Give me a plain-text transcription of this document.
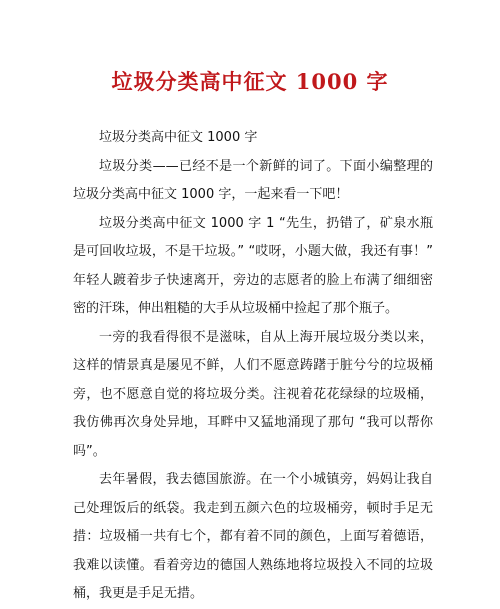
垃圾分类高中征文 1000 字

垃圾分类高中征文 1000 字

垃圾分类——已经不是一个新鲜的词了。下面小编整理的垃圾分类高中征文 1000 字，一起来看一下吧！

垃圾分类高中征文 1000 字 1 “先生，扔错了，矿泉水瓶是可回收垃圾，不是干垃圾。” “哎呀，小题大做，我还有事！” 年轻人踱着步子快速离开，旁边的志愿者的脸上布满了细细密密的汗珠，伸出粗糙的大手从垃圾桶中捡起了那个瓶子。

一旁的我看得很不是滋味，自从上海开展垃圾分类以来，这样的情景真是屡见不鲜，人们不愿意踌躇于脏兮兮的垃圾桶旁，也不愿意自觉的将垃圾分类。注视着花花绿绿的垃圾桶，我仿佛再次身处异地，耳畔中又猛地涌现了那句 “我可以帮你吗”。

去年暑假，我去德国旅游。在一个小城镇旁，妈妈让我自己处理饭后的纸袋。我走到五颜六色的垃圾桶旁，顿时手足无措：垃圾桶一共有七个，都有着不同的颜色，上面写着德语，我难以读懂。看着旁边的德国人熟练地将垃圾投入不同的垃圾桶，我更是手足无措。
